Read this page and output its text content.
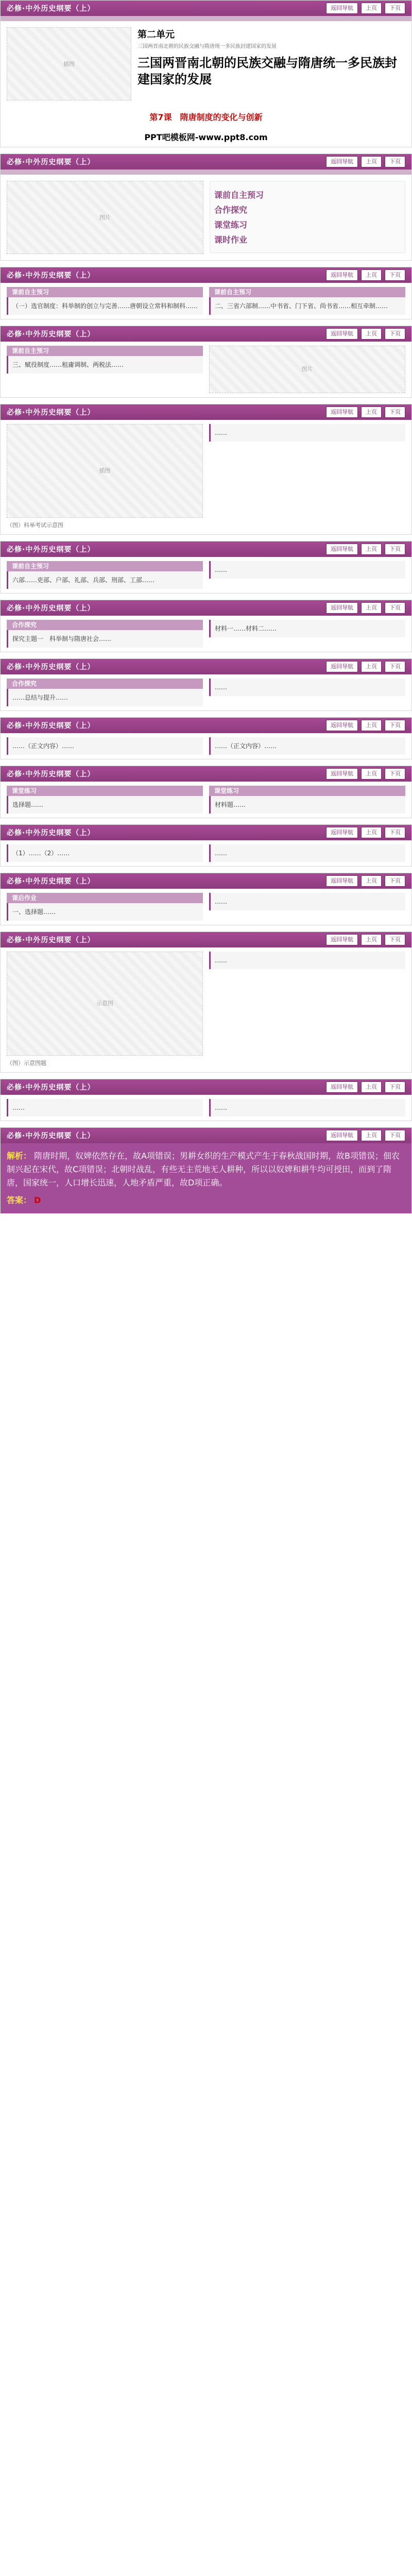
必修·中外历史纲要（上）	返回导航	上页	下页
插图
第二单元
三国两晋南北朝的民族交融与隋唐统一多民族封建国家的发展
三国两晋南北朝的民族交融与隋唐统一多民族封建国家的发展
第7课　隋唐制度的变化与创新
PPT吧模板网-www.ppt8.com
必修·中外历史纲要（上）	返回导航	上页	下页
图片
课前自主预习
合作探究
课堂练习
课时作业
必修·中外历史纲要（上）	返回导航	上页	下页
课前自主预习
（一）选官制度：科举制的创立与完善……唐朝设立常科和制科……
课前自主预习
二、三省六部制……中书省、门下省、尚书省……相互牵制……
必修·中外历史纲要（上）	返回导航	上页	下页
课前自主预习
三、赋役制度……租庸调制、两税法……
图片
必修·中外历史纲要（上）	返回导航	上页	下页
插图
（图）科举考试示意图
……
必修·中外历史纲要（上）	返回导航	上页	下页
课前自主预习
六部……吏部、户部、礼部、兵部、刑部、工部……
……
必修·中外历史纲要（上）	返回导航	上页	下页
合作探究
探究主题一　科举制与隋唐社会……
材料一……材料二……
必修·中外历史纲要（上）	返回导航	上页	下页
合作探究
……总结与提升……
……
必修·中外历史纲要（上）	返回导航	上页	下页
……（正文内容）……	……（正文内容）……
必修·中外历史纲要（上）	返回导航	上页	下页
课堂练习
选择题……
课堂练习
材料题……
必修·中外历史纲要（上）	返回导航	上页	下页
（1）……（2）……	……
必修·中外历史纲要（上）	返回导航	上页	下页
课后作业
一、选择题……
……
必修·中外历史纲要（上）	返回导航	上页	下页
示意图
（图）示意图题
……
必修·中外历史纲要（上）	返回导航	上页	下页
……	……
必修·中外历史纲要（上）	返回导航	上页	下页
解析： 隋唐时期，奴婢依然存在，故A项错误；男耕女织的生产模式产生于春秋战国时期，故B项错误；佃农制兴起在宋代，故C项错误；北朝时战乱，有些无主荒地无人耕种，所以以奴婢和耕牛均可授田，而到了隋唐，国家统一，人口增长迅速，人地矛盾严重，故D项正确。
答案： D
